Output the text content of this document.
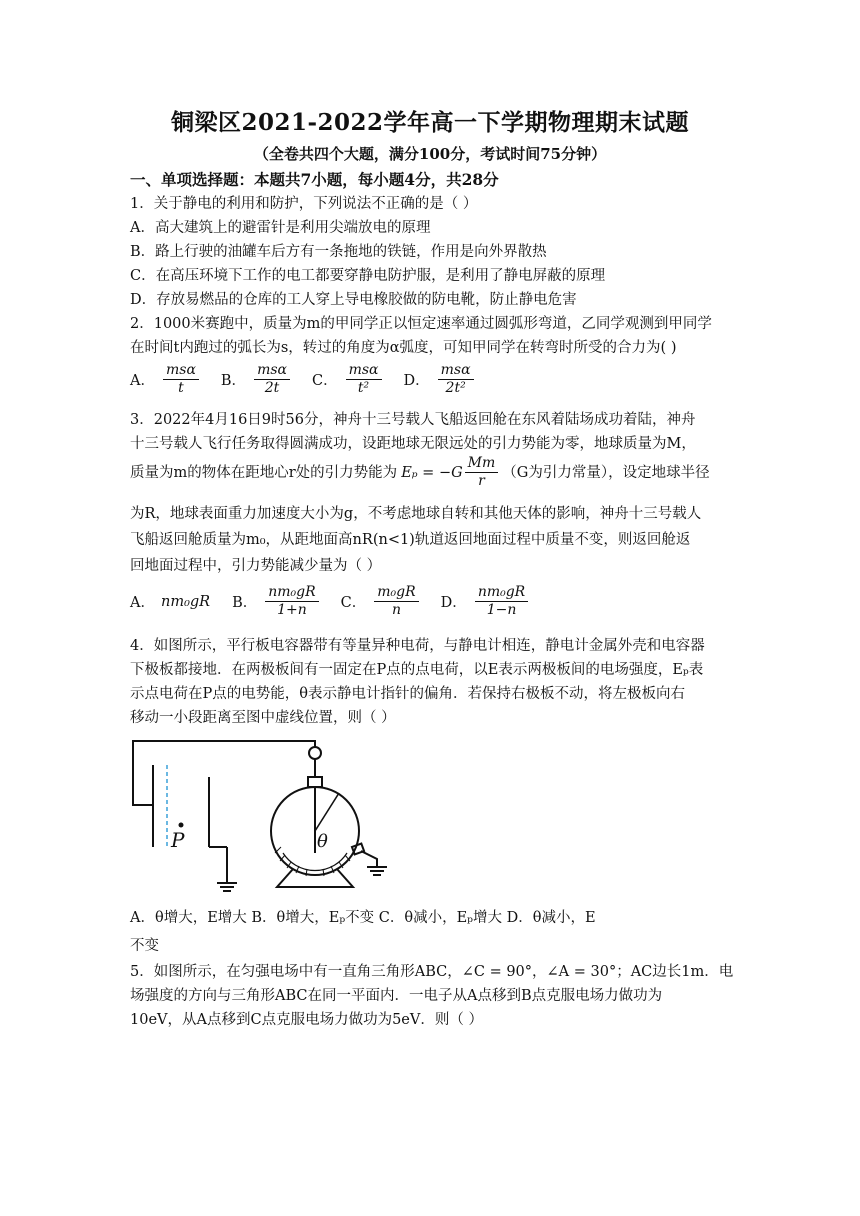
铜梁区2021-2022学年高一下学期物理期末试题
（全卷共四个大题，满分100分，考试时间75分钟）
一、单项选择题：本题共7小题，每小题4分，共28分
1．关于静电的利用和防护，下列说法不正确的是（ ）
A．高大建筑上的避雷针是利用尖端放电的原理
B．路上行驶的油罐车后方有一条拖地的铁链，作用是向外界散热
C．在高压环境下工作的电工都要穿静电防护服，是利用了静电屏蔽的原理
D．存放易燃品的仓库的工人穿上导电橡胶做的防电靴，防止静电危害
2．1000米赛跑中，质量为m的甲同学正以恒定速率通过圆弧形弯道，乙同学观测到甲同学
在时间t内跑过的弧长为s，转过的角度为α弧度，可知甲同学在转弯时所受的合力为( )
A． $\frac{\text{msα}}{t}$ B． $\frac{\text{msα}}{2t}$ C． $\frac{\text{msα}}{\text{t²}}$ D． $\frac{\text{msα}}{\text{2t²}}$
3．2022年4月16日9时56分，神舟十三号载人飞船返回舱在东风着陆场成功着陆，神舟
十三号载人飞行任务取得圆满成功，设距地球无限远处的引力势能为零，地球质量为M，
质量为m的物体在距地心r处的引力势能为 $E_p = -G \frac{Mm}{r} (G$为引力常量），设定地球半径
为R，地球表面重力加速度大小为g，不考虑地球自转和其他天体的影响，神舟十三号载人
飞船返回舱质量为m₀，从距地面高nR(n<1)轨道返回地面过程中质量不变，则返回舱返
回地面过程中，引力势能减少量为（ ）
A． nm₀gR B． $\frac{\text{nm₀gR}}{1+n}$ C． $\frac{\text{m₀gR}}{n}$ D． $\frac{\text{nm₀gR}}{1-n}$
4．如图所示，平行板电容器带有等量异种电荷，与静电计相连，静电计金属外壳和电容器
下极板都接地．在两极板间有一固定在P点的点电荷，以E表示两极板间的电场强度，Eₚ表
示点电荷在P点的电势能，θ表示静电计指针的偏角．若保持右极板不动，将左极板向右
移动一小段距离至图中虚线位置，则（ ）
P	θ
A．θ增大，E增大 B．θ增大，Eₚ不变 C．θ减小，Eₚ增大 D．θ减小，E
不变
5．如图所示，在匀强电场中有一直角三角形ABC，∠C = 90°，∠A = 30°；AC边长1m．电
场强度的方向与三角形ABC在同一平面内．一电子从A点移到B点克服电场力做功为
10eV，从A点移到C点克服电场力做功为5eV．则（ ）
